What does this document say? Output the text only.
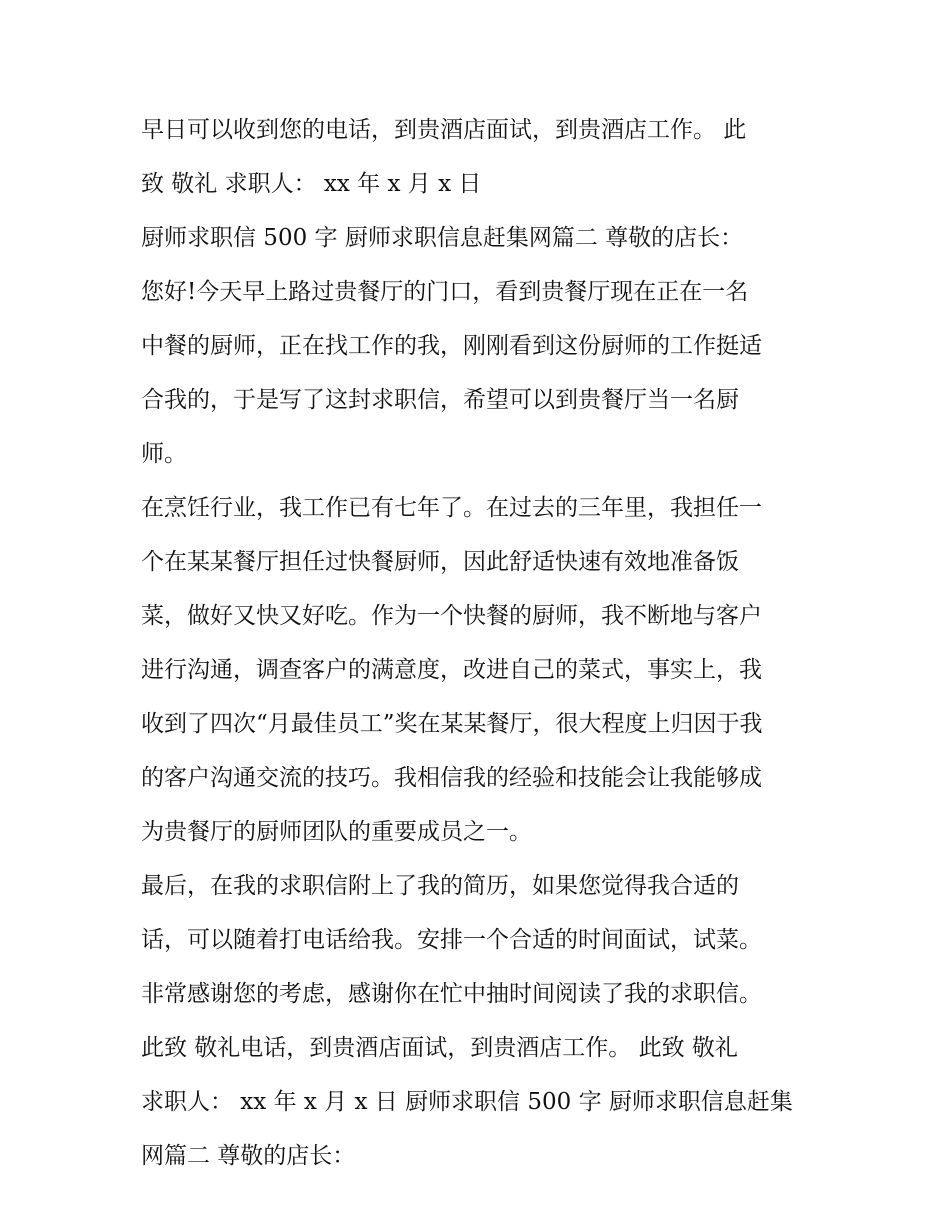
早日可以收到您的电话，到贵酒店面试，到贵酒店工作。 此
致 敬礼 求职人： xx 年 x 月 x 日
厨师求职信 500 字 厨师求职信息赶集网篇二 尊敬的店长：
您好!今天早上路过贵餐厅的门口，看到贵餐厅现在正在一名
中餐的厨师，正在找工作的我，刚刚看到这份厨师的工作挺适
合我的，于是写了这封求职信，希望可以到贵餐厅当一名厨
师。
在烹饪行业，我工作已有七年了。在过去的三年里，我担任一
个在某某餐厅担任过快餐厨师，因此舒适快速有效地准备饭
菜，做好又快又好吃。作为一个快餐的厨师，我不断地与客户
进行沟通，调查客户的满意度，改进自己的菜式，事实上，我
收到了四次“月最佳员工”奖在某某餐厅，很大程度上归因于我
的客户沟通交流的技巧。我相信我的经验和技能会让我能够成
为贵餐厅的厨师团队的重要成员之一。
最后，在我的求职信附上了我的简历，如果您觉得我合适的
话，可以随着打电话给我。安排一个合适的时间面试，试菜。
非常感谢您的考虑，感谢你在忙中抽时间阅读了我的求职信。
此致 敬礼电话，到贵酒店面试，到贵酒店工作。 此致 敬礼
求职人： xx 年 x 月 x 日 厨师求职信 500 字 厨师求职信息赶集
网篇二 尊敬的店长：
